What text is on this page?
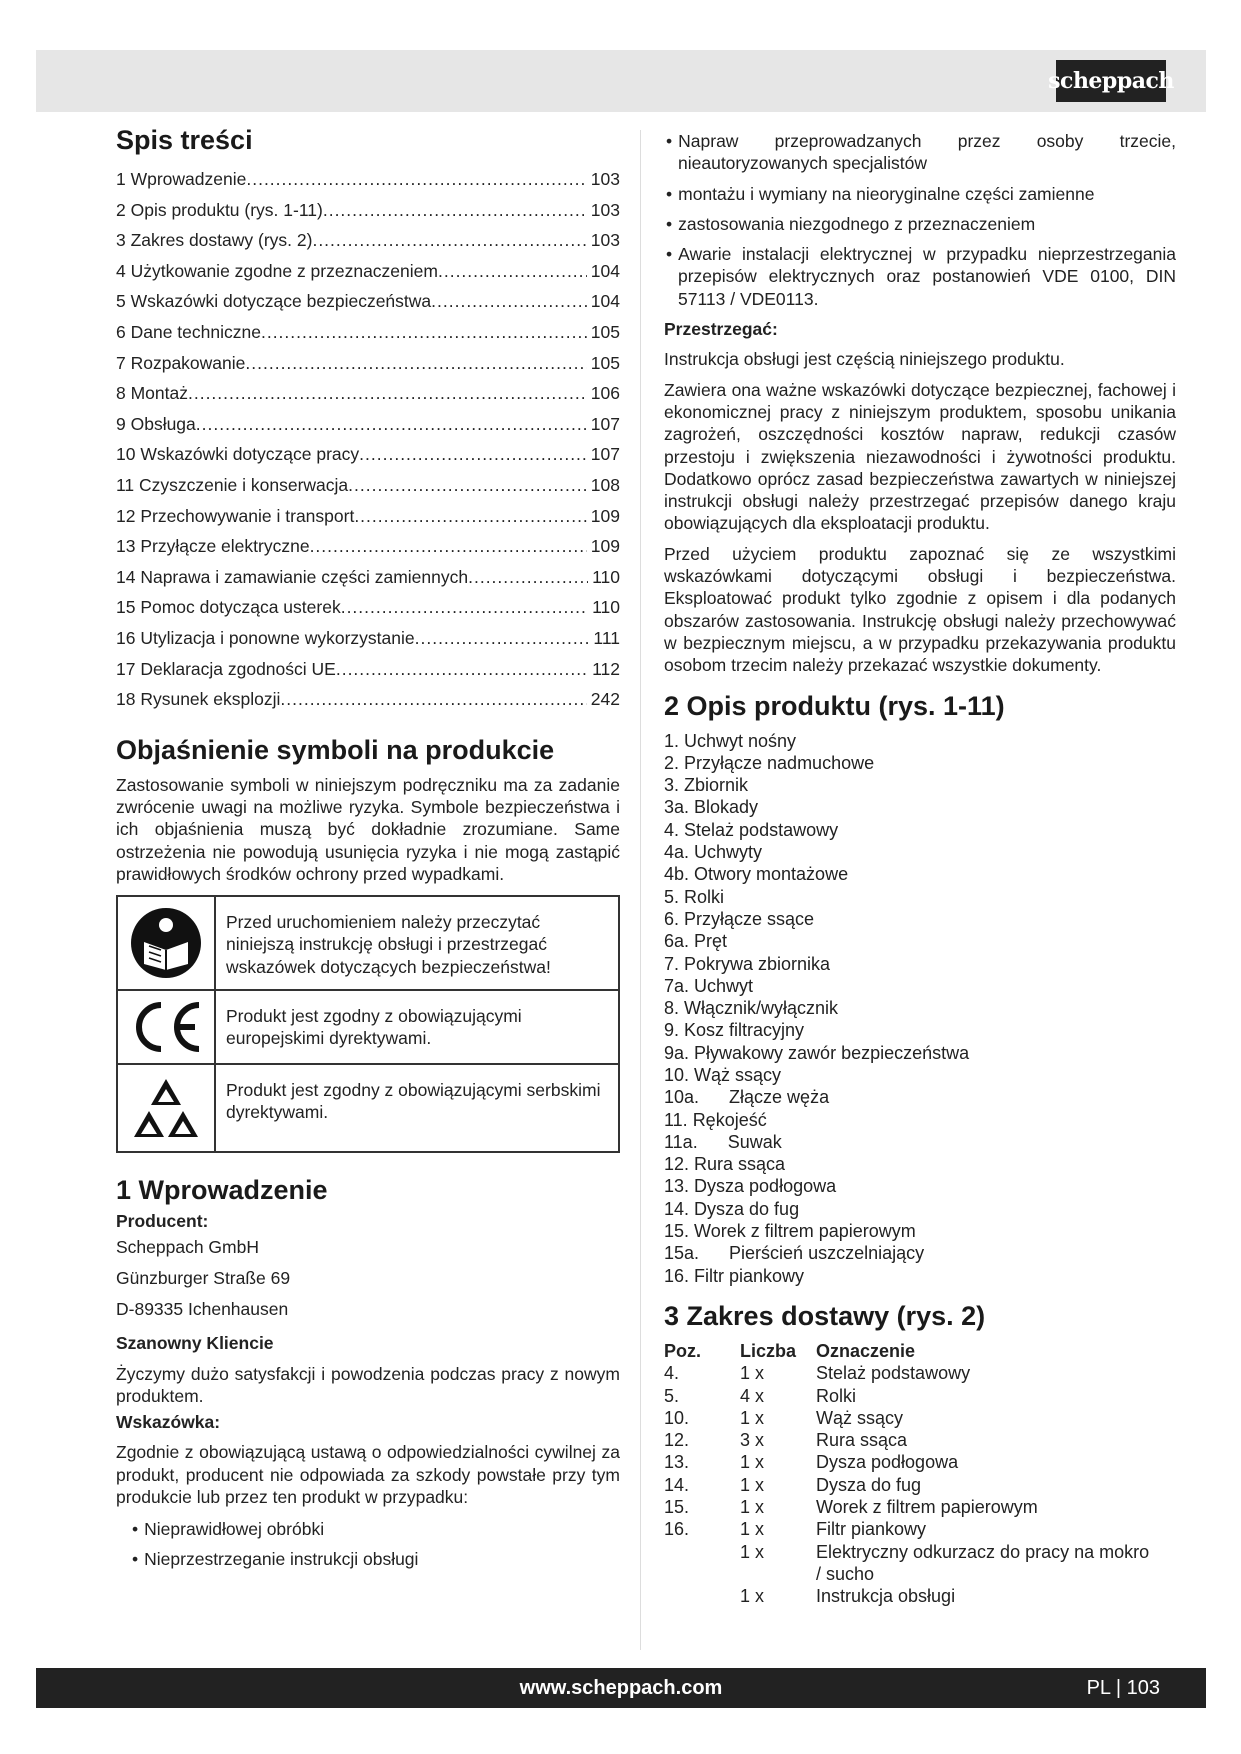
scheppach
Spis treści
1 Wprowadzenie .....	103
2 Opis produktu (rys. 1-11) .....	103
3 Zakres dostawy (rys. 2) .....	103
4 Użytkowanie zgodne z przeznaczeniem .....	104
5 Wskazówki dotyczące bezpieczeństwa .....	104
6 Dane techniczne .....	105
7 Rozpakowanie .....	105
8 Montaż .....	106
9 Obsługa .....	107
10 Wskazówki dotyczące pracy .....	107
11 Czyszczenie i konserwacja .....	108
12 Przechowywanie i transport .....	109
13 Przyłącze elektryczne .....	109
14 Naprawa i zamawianie części zamiennych .....	110
15 Pomoc dotycząca usterek .....	110
16 Utylizacja i ponowne wykorzystanie .....	111
17 Deklaracja zgodności UE .....	112
18 Rysunek eksplozji .....	242
Objaśnienie symboli na produkcie

Zastosowanie symboli w niniejszym podręczniku ma za zadanie zwrócenie uwagi na możliwe ryzyka. Symbole bezpieczeństwa i ich objaśnienia muszą być dokładnie zrozumiane. Same ostrzeżenia nie powodują usunięcia ryzyka i nie mogą zastąpić prawidłowych środków ochrony przed wypadkami.

Przed uruchomieniem należy przeczytać niniejszą instrukcję obsługi i przestrzegać wskazówek dotyczących bezpieczeństwa!
Produkt jest zgodny z obowiązującymi europejskimi dyrektywami.
Produkt jest zgodny z obowiązującymi serbskimi dyrektywami.
1 Wprowadzenie
Producent:
Scheppach GmbH
Günzburger Straße 69
D-89335 Ichenhausen
Szanowny Kliencie

Życzymy dużo satysfakcji i powodzenia podczas pracy z nowym produktem.

Wskazówka:

Zgodnie z obowiązującą ustawą o odpowiedzialności cywilnej za produkt, producent nie odpowiada za szkody powstałe przy tym produkcie lub przez ten produkt w przypadku:

• Nieprawidłowej obróbki
• Nieprzestrzeganie instrukcji obsługi
• Napraw przeprowadzanych przez osoby trzecie, nieautoryzowanych specjalistów
• montażu i wymiany na nieoryginalne części zamienne
• zastosowania niezgodnego z przeznaczeniem
• Awarie instalacji elektrycznej w przypadku nieprzestrzegania przepisów elektrycznych oraz postanowień VDE 0100, DIN 57113 / VDE0113.
Przestrzegać:

Instrukcja obsługi jest częścią niniejszego produktu.

Zawiera ona ważne wskazówki dotyczące bezpiecznej, fachowej i ekonomicznej pracy z niniejszym produktem, sposobu unikania zagrożeń, oszczędności kosztów napraw, redukcji czasów przestoju i zwiększenia niezawodności i żywotności produktu. Dodatkowo oprócz zasad bezpieczeństwa zawartych w niniejszej instrukcji obsługi należy przestrzegać przepisów danego kraju obowiązujących dla eksploatacji produktu.

Przed użyciem produktu zapoznać się ze wszystkimi wskazówkami dotyczącymi obsługi i bezpieczeństwa. Eksploatować produkt tylko zgodnie z opisem i dla podanych obszarów zastosowania. Instrukcję obsługi należy przechowywać w bezpiecznym miejscu, a w przypadku przekazywania produktu osobom trzecim należy przekazać wszystkie dokumenty.

2 Opis produktu (rys. 1-11)
1. Uchwyt nośny
2. Przyłącze nadmuchowe
3. Zbiornik
3a. Blokady
4. Stelaż podstawowy
4a. Uchwyty
4b. Otwory montażowe
5. Rolki
6. Przyłącze ssące
6a. Pręt
7. Pokrywa zbiornika
7a. Uchwyt
8. Włącznik/wyłącznik
9. Kosz filtracyjny
9a. Pływakowy zawór bezpieczeństwa
10. Wąż ssący
10a.      Złącze węża
11. Rękojeść
11a.      Suwak
12. Rura ssąca
13. Dysza podłogowa
14. Dysza do fug
15. Worek z filtrem papierowym
15a.      Pierścień uszczelniający
16. Filtr piankowy
3 Zakres dostawy (rys. 2)
Poz.	Liczba	Oznaczenie
4.	1 x	Stelaż podstawowy
5.	4 x	Rolki
10.	1 x	Wąż ssący
12.	3 x	Rura ssąca
13.	1 x	Dysza podłogowa
14.	1 x	Dysza do fug
15.	1 x	Worek z filtrem papierowym
16.	1 x	Filtr piankowy
	1 x	Elektryczny odkurzacz do pracy na mokro / sucho
	1 x	Instrukcja obsługi
www.scheppach.com	PL | 103
